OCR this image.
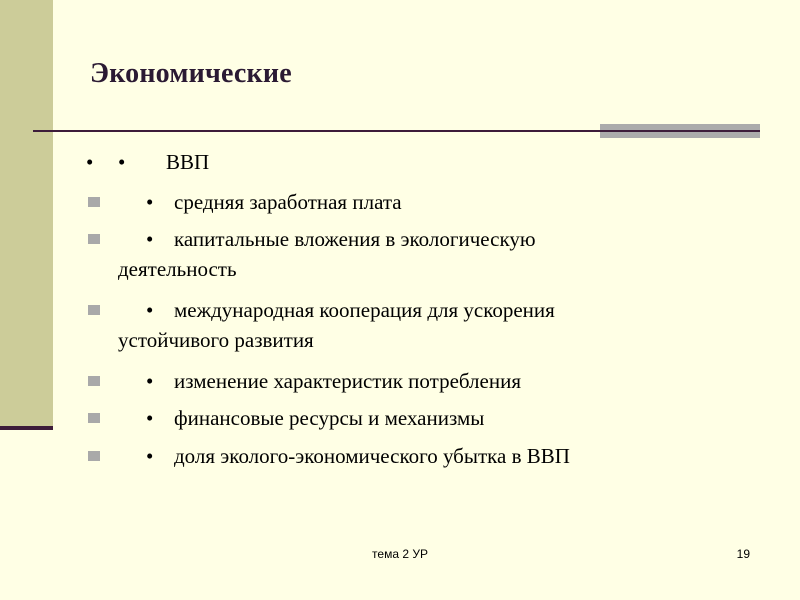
Экономические
• • ВВП
• средняя заработная плата
• капитальные вложения в экологическую
деятельность
• международная кооперация для ускорения
устойчивого развития
• изменение характеристик потребления
• финансовые ресурсы и механизмы
• доля эколого-экономического убытка в ВВП
тема 2 УР	19
